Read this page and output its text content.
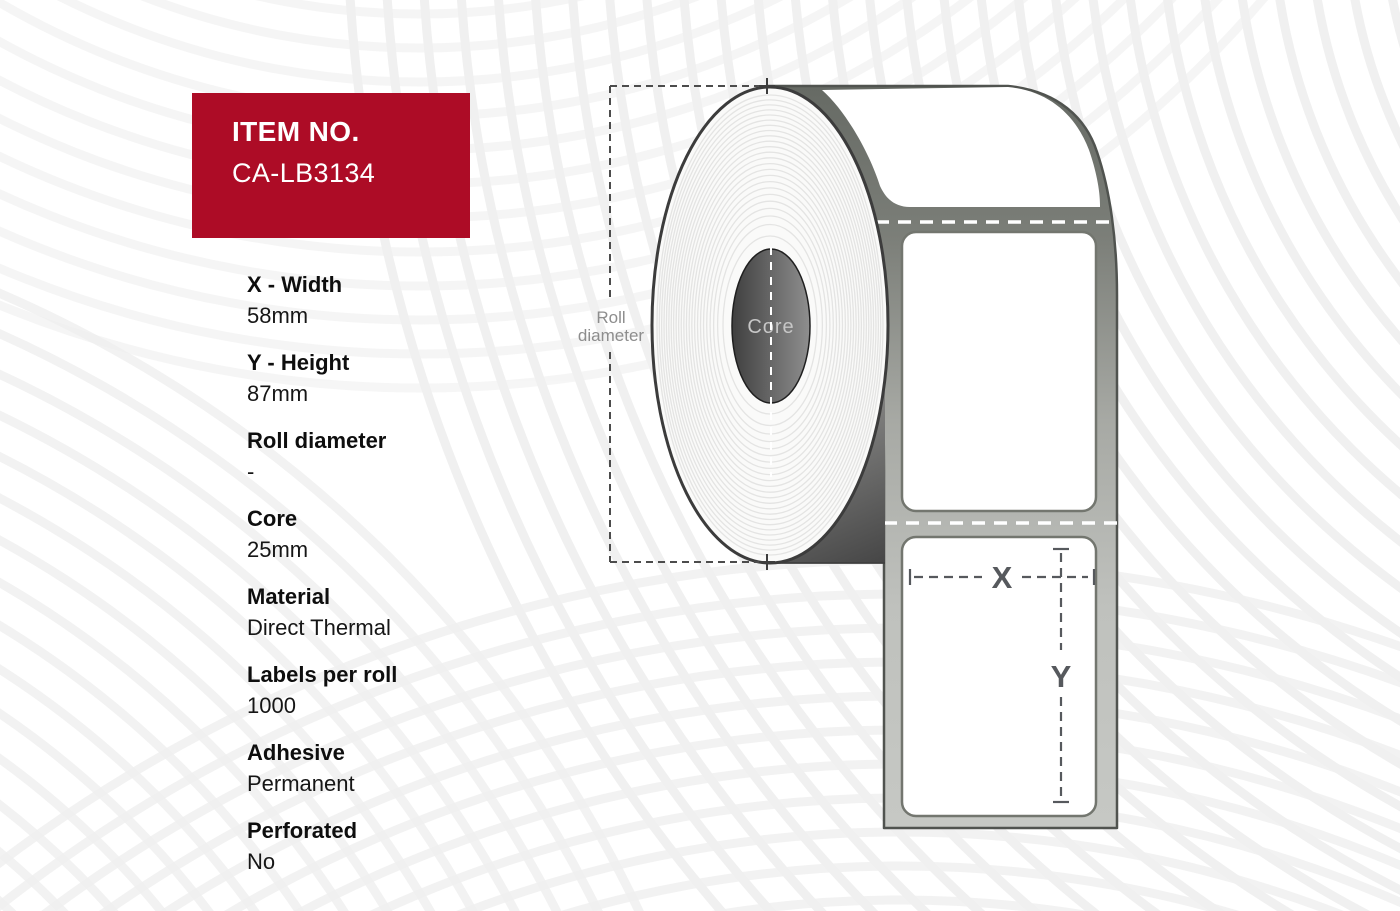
ITEM NO.
CA-LB3134
X - Width
58mm
Y - Height
87mm
Roll diameter
-
Core
25mm
Material
Direct Thermal
Labels per roll
1000
Adhesive
Permanent
Perforated
No
Core
Roll
diameter
X
Y
